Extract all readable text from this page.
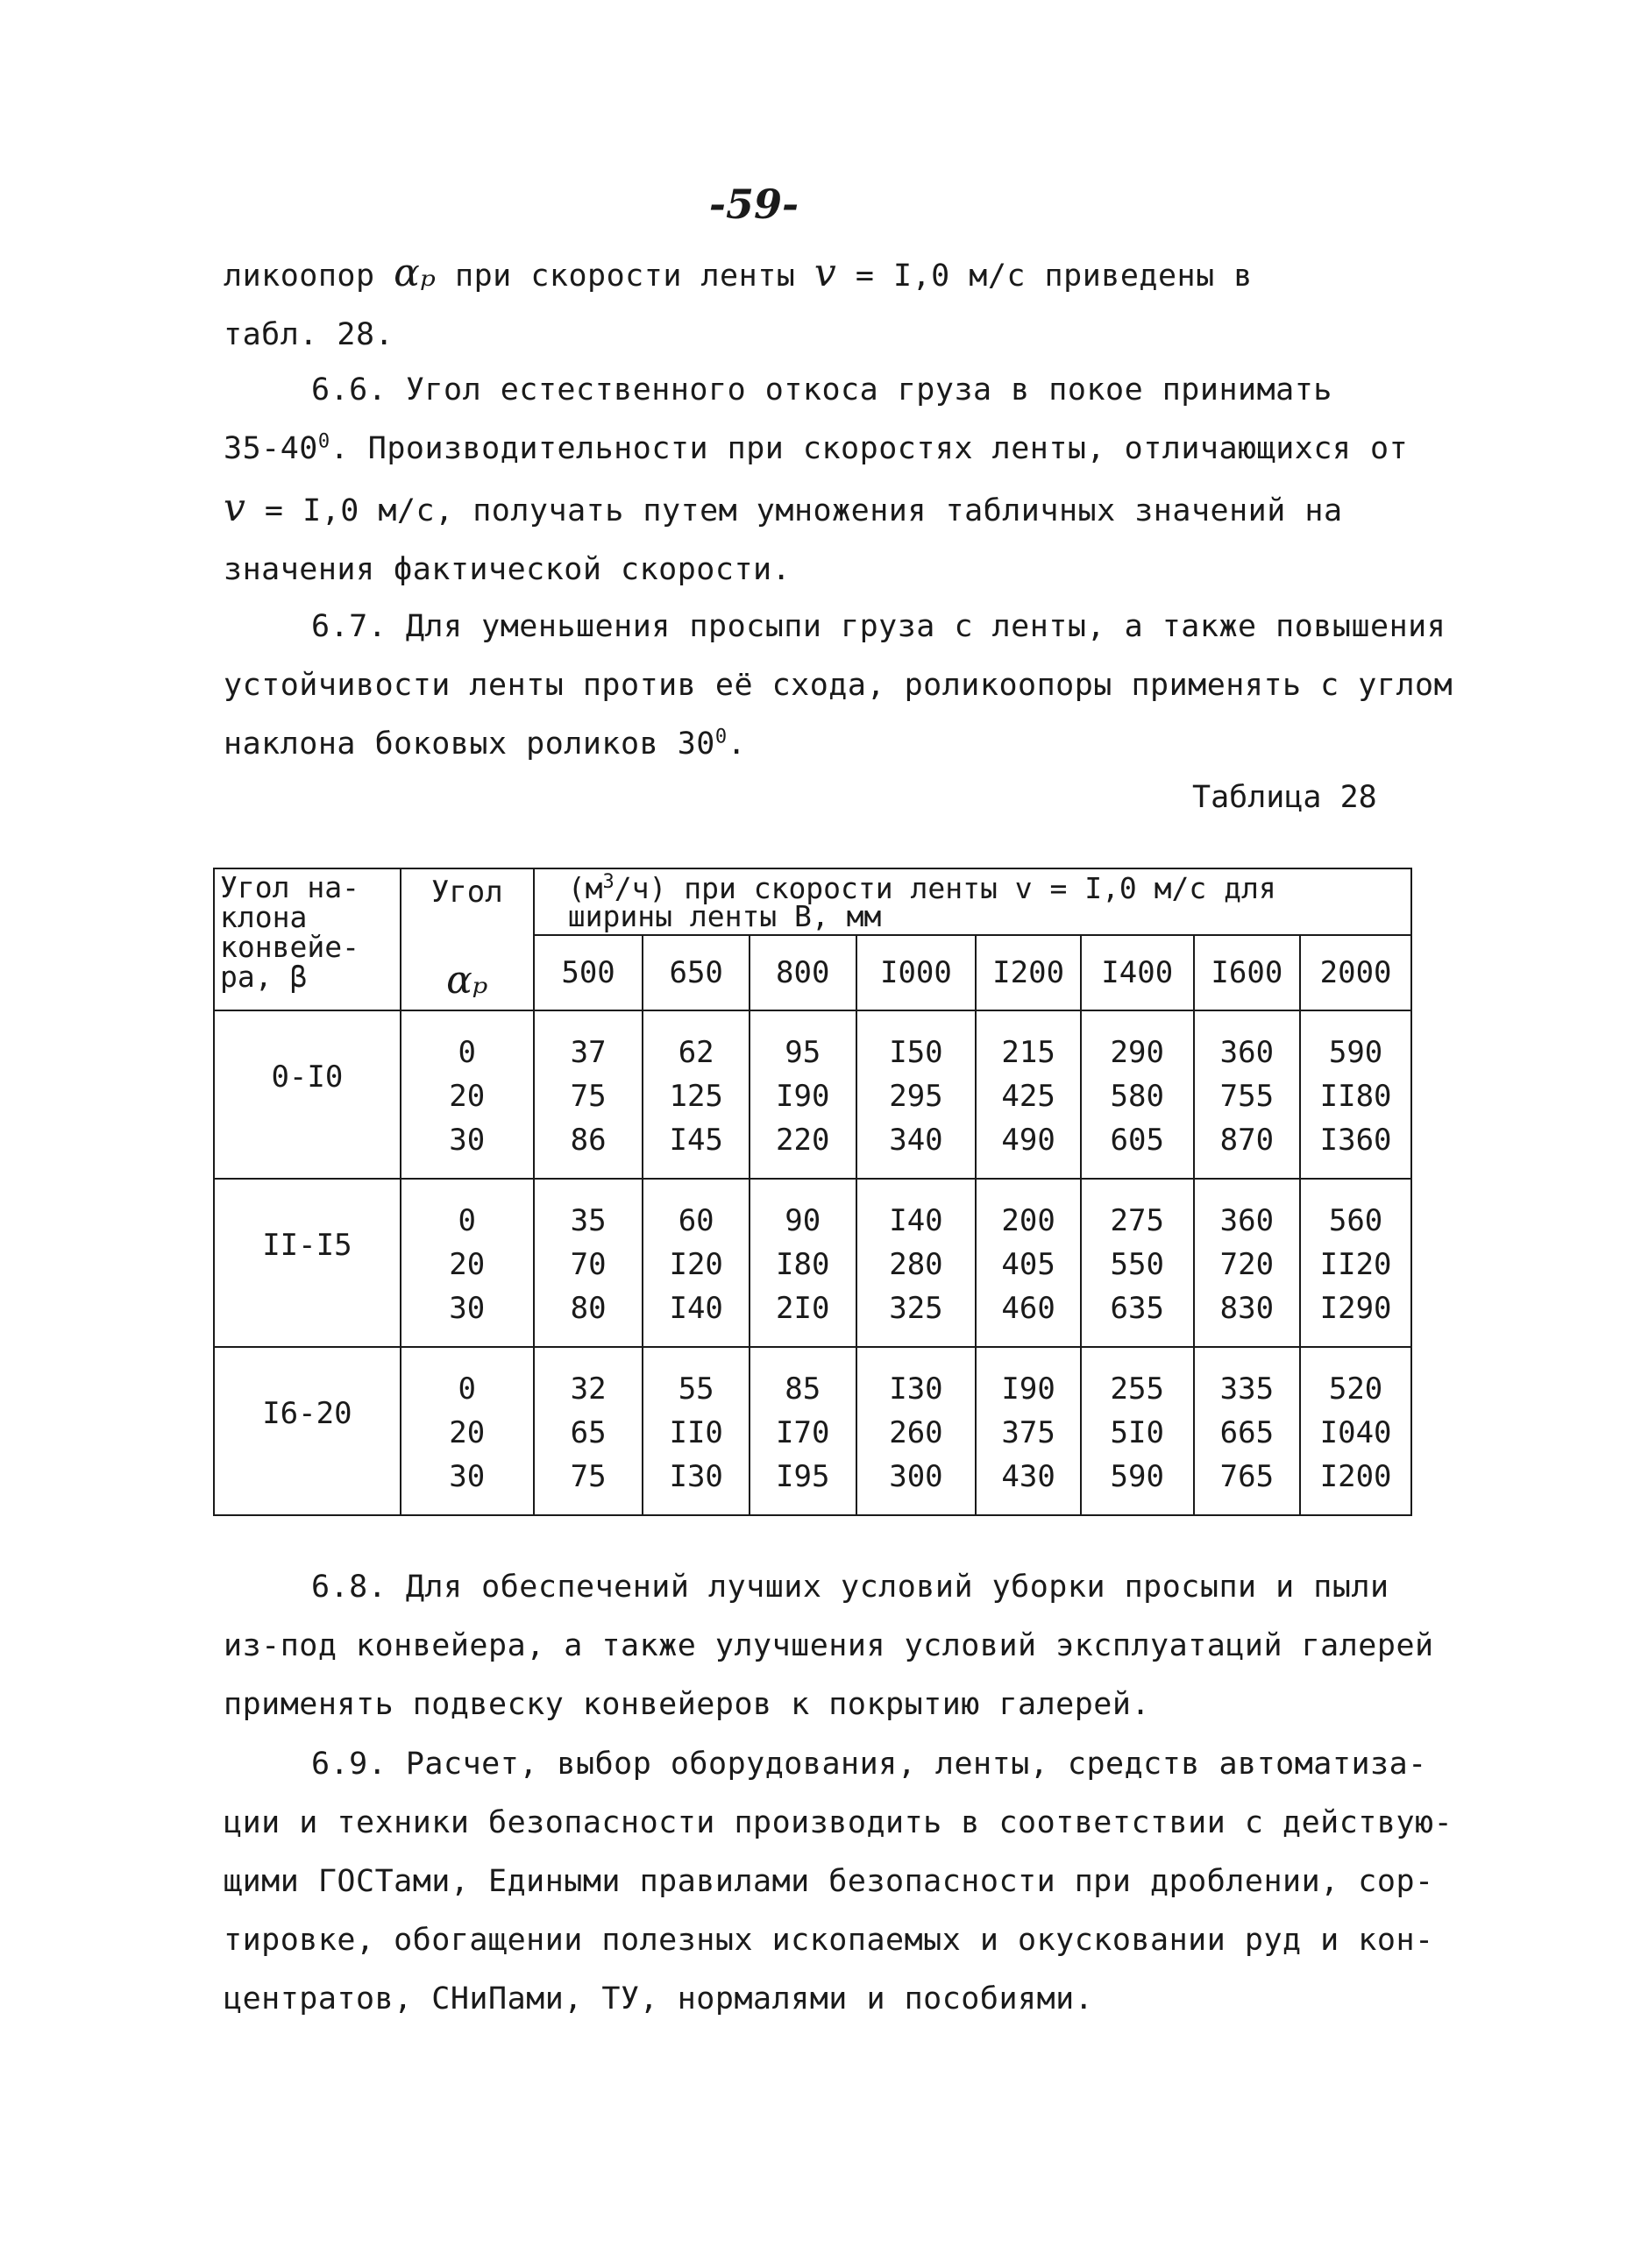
-59-
ликоопор αₚ при скорости ленты v = I,0 м/с приведены в
табл. 28.
6.6. Угол естественного откоса груза в покое принимать
$35-40^0$. Производительности при скоростях ленты, отличающихся от
v = I,0 м/с, получать путем умножения табличных значений на
значения фактической скорости.
6.7. Для уменьшения просыпи груза с ленты, а также повышения
устойчивости ленты против её схода, роликоопоры применять с углом
наклона боковых роликов $30^0$.
Таблица 28
Угол на-
клона
конвейе-
ра, β	Угол
αₚ	$(м^3/ч)$ при скорости ленты v = I,0 м/с для
ширины ленты В, мм							
		500	650	800	I000	I200	I400	I600	2000
0-I0	0
20
30	37
75
86	62
125
I45	95
I90
220	I50
295
340	215
425
490	290
580
605	360
755
870	590
II80
I360

II-I5	0
20
30	35
70
80	60
I20
I40	90
I80
2I0	I40
280
325	200
405
460	275
550
635	360
720
830	560
II20
I290

I6-20	0
20
30	32
65
75	55
II0
I30	85
I70
I95	I30
260
300	I90
375
430	255
5I0
590	335
665
765	520
I040
I200
6.8. Для обеспечений лучших условий уборки просыпи и пыли
из-под конвейера, а также улучшения условий эксплуатаций галерей
применять подвеску конвейеров к покрытию галерей.
6.9. Расчет, выбор оборудования, ленты, средств автоматиза-
ции и техники безопасности производить в соответствии с действую-
щими ГОСТами, Едиными правилами безопасности при дроблении, сор-
тировке, обогащении полезных ископаемых и окусковании руд и кон-
центратов, СНиПами, ТУ, нормалями и пособиями.
